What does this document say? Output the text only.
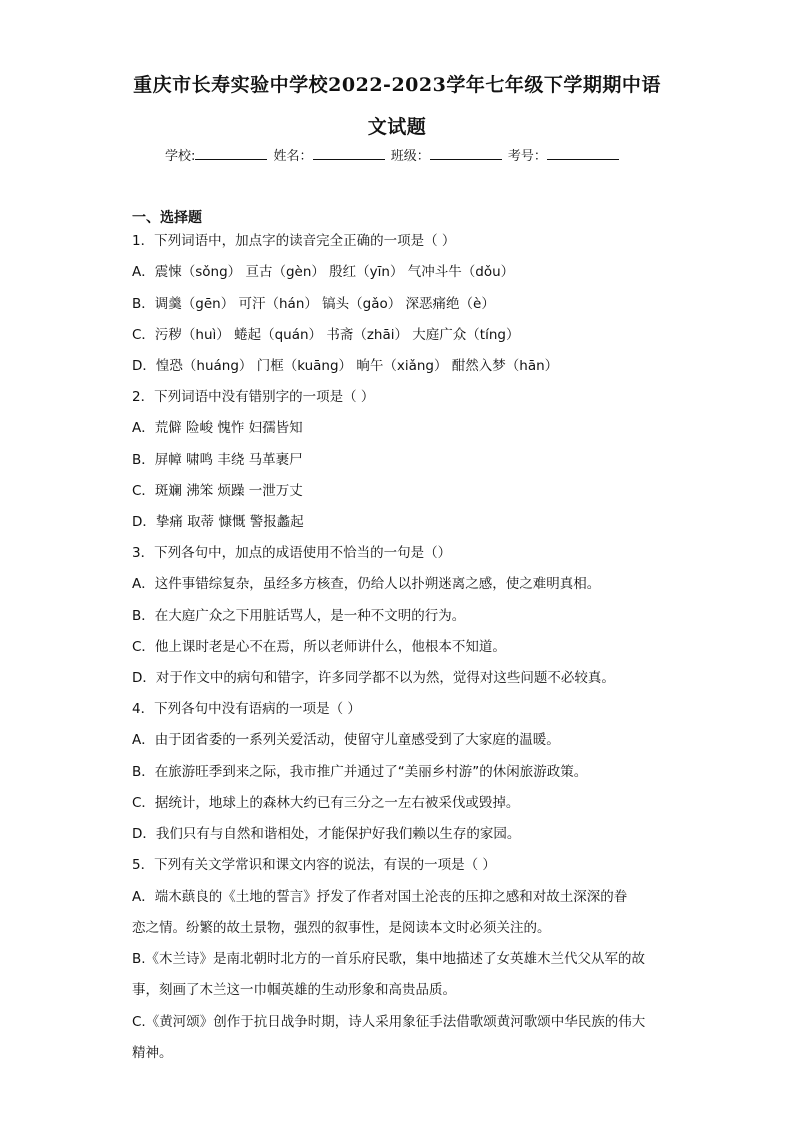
重庆市长寿实验中学校2022-2023学年七年级下学期期中语
文试题
学校:	姓名：	班级：	考号：
一、选择题
1．下列词语中，加点字的读音完全正确的一项是（ ）
A．震悚（sǒng） 亘古（gèn） 殷红（yīn） 气冲斗牛（dǒu）
B．调羹（gēn） 可汗（hán） 镐头（gǎo） 深恶痛绝（è）
C．污秽（huì） 蜷起（quán） 书斋（zhāi） 大庭广众（tíng）
D．惶恐（huáng） 门框（kuāng） 晌午（xiǎng） 酣然入梦（hān）
2．下列词语中没有错别字的一项是（ ）
A．荒僻 险峻 愧怍 妇孺皆知
B．屏幛 啸鸣 丰绕 马革裹尸
C．斑斓 沸笨 烦躁 一泄万丈
D．挚痛 取蒂 慷慨 警报蠡起
3．下列各句中，加点的成语使用不恰当的一句是（）
A．这件事错综复杂，虽经多方核查，仍给人以扑朔迷离之感，使之难明真相。
B．在大庭广众之下用脏话骂人，是一种不文明的行为。
C．他上课时老是心不在焉，所以老师讲什么，他根本不知道。
D．对于作文中的病句和错字，许多同学都不以为然，觉得对这些问题不必较真。
4．下列各句中没有语病的一项是（ ）
A．由于团省委的一系列关爱活动，使留守儿童感受到了大家庭的温暖。
B．在旅游旺季到来之际，我市推广并通过了“美丽乡村游”的休闲旅游政策。
C．据统计，地球上的森林大约已有三分之一左右被采伐或毁掉。
D．我们只有与自然和谐相处，才能保护好我们赖以生存的家园。
5．下列有关文学常识和课文内容的说法，有误的一项是（ ）
A．端木蕻良的《土地的誓言》抒发了作者对国土沦丧的压抑之感和对故土深深的眷
恋之情。纷繁的故土景物，强烈的叙事性，是阅读本文时必须关注的。
B.《木兰诗》是南北朝时北方的一首乐府民歌，集中地描述了女英雄木兰代父从军的故
事，刻画了木兰这一巾帼英雄的生动形象和高贵品质。
C.《黄河颂》创作于抗日战争时期，诗人采用象征手法借歌颂黄河歌颂中华民族的伟大
精神。
